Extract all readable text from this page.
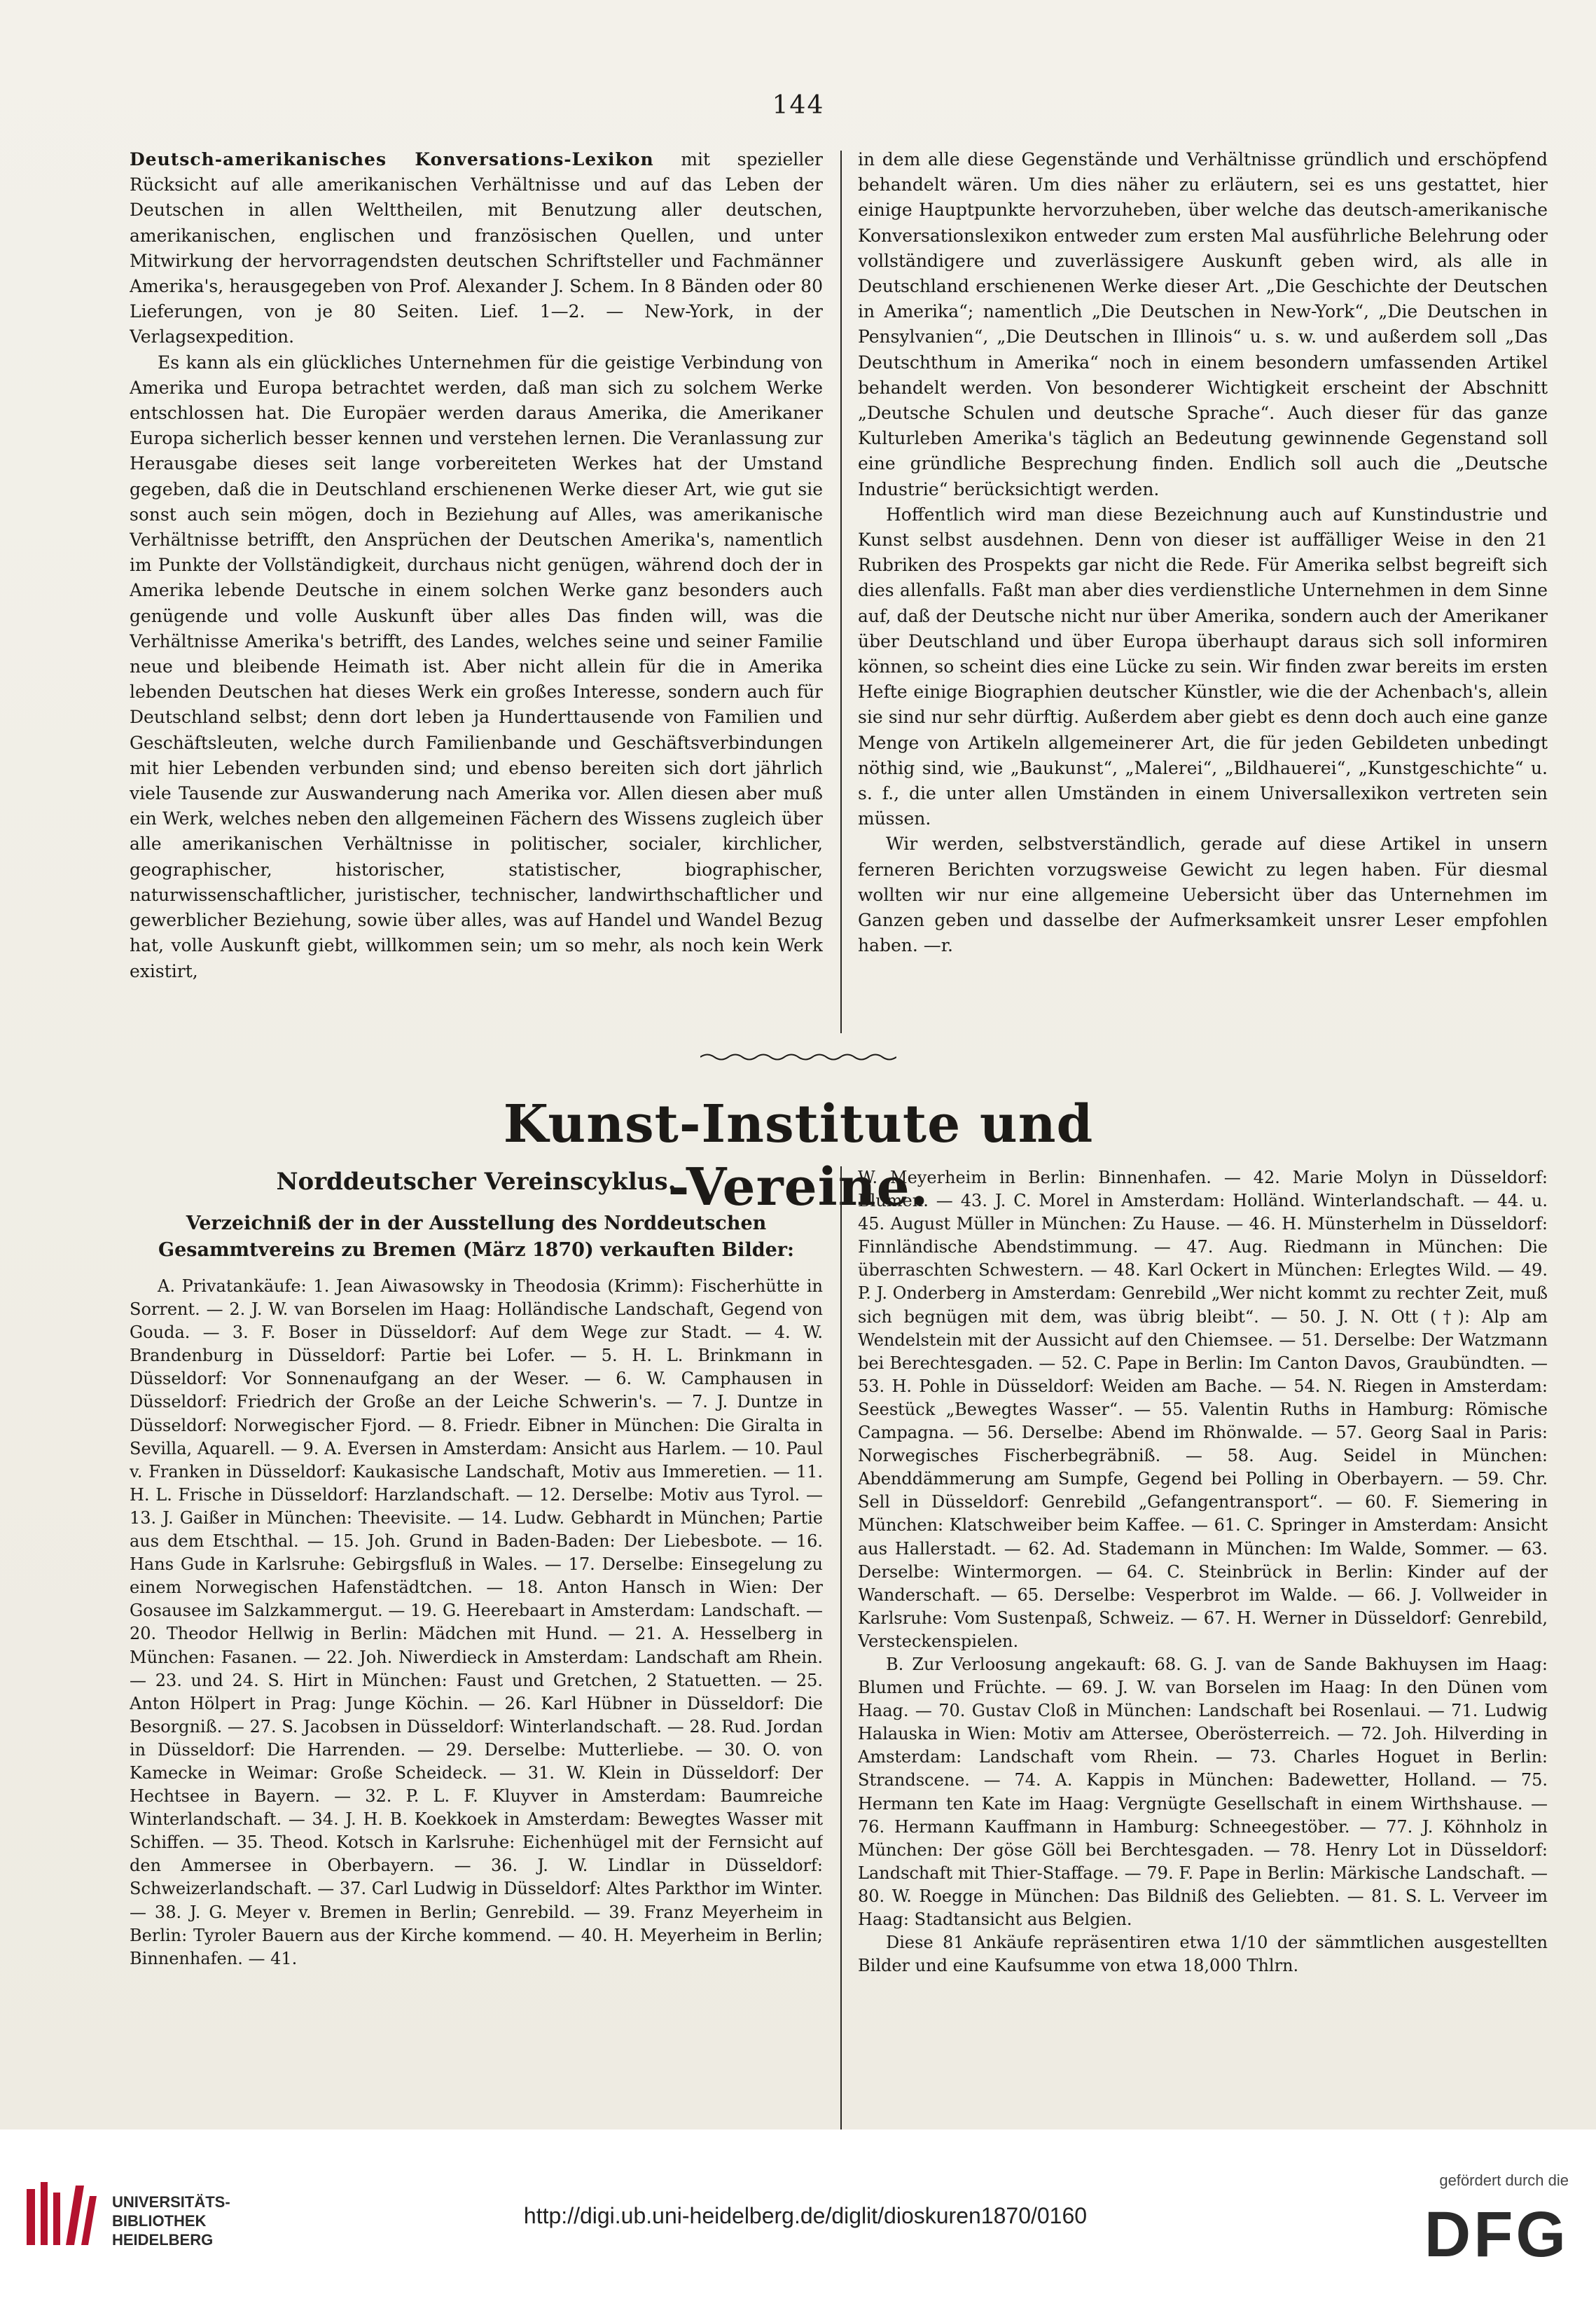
144

Deutsch-amerikanisches Konversations-Lexikon mit spezieller Rücksicht auf alle amerikanischen Verhältnisse und auf das Leben der Deutschen in allen Welttheilen, mit Benutzung aller deutschen, amerikanischen, englischen und französischen Quellen, und unter Mitwirkung der hervorragendsten deutschen Schriftsteller und Fachmänner Amerika's, herausgegeben von Prof. Alexander J. Schem. In 8 Bänden oder 80 Lieferungen, von je 80 Seiten. Lief. 1—2. — New-York, in der Verlagsexpedition.

Es kann als ein glückliches Unternehmen für die geistige Verbindung von Amerika und Europa betrachtet werden, daß man sich zu solchem Werke entschlossen hat. Die Europäer werden daraus Amerika, die Amerikaner Europa sicherlich besser kennen und verstehen lernen. Die Veranlassung zur Herausgabe dieses seit lange vorbereiteten Werkes hat der Umstand gegeben, daß die in Deutschland erschienenen Werke dieser Art, wie gut sie sonst auch sein mögen, doch in Beziehung auf Alles, was amerikanische Verhältnisse betrifft, den Ansprüchen der Deutschen Amerika's, namentlich im Punkte der Vollständigkeit, durchaus nicht genügen, während doch der in Amerika lebende Deutsche in einem solchen Werke ganz besonders auch genügende und volle Auskunft über alles Das finden will, was die Verhältnisse Amerika's betrifft, des Landes, welches seine und seiner Familie neue und bleibende Heimath ist. Aber nicht allein für die in Amerika lebenden Deutschen hat dieses Werk ein großes Interesse, sondern auch für Deutschland selbst; denn dort leben ja Hunderttausende von Familien und Geschäftsleuten, welche durch Familienbande und Geschäftsverbindungen mit hier Lebenden verbunden sind; und ebenso bereiten sich dort jährlich viele Tausende zur Auswanderung nach Amerika vor. Allen diesen aber muß ein Werk, welches neben den allgemeinen Fächern des Wissens zugleich über alle amerikanischen Verhältnisse in politischer, socialer, kirchlicher, geographischer, historischer, statistischer, biographischer, naturwissenschaftlicher, juristischer, technischer, landwirthschaftlicher und gewerblicher Beziehung, sowie über alles, was auf Handel und Wandel Bezug hat, volle Auskunft giebt, willkommen sein; um so mehr, als noch kein Werk existirt,

in dem alle diese Gegenstände und Verhältnisse gründlich und erschöpfend behandelt wären. Um dies näher zu erläutern, sei es uns gestattet, hier einige Hauptpunkte hervorzuheben, über welche das deutsch-amerikanische Konversationslexikon entweder zum ersten Mal ausführliche Belehrung oder vollständigere und zuverlässigere Auskunft geben wird, als alle in Deutschland erschienenen Werke dieser Art. „Die Geschichte der Deutschen in Amerika“; namentlich „Die Deutschen in New-York“, „Die Deutschen in Pensylvanien“, „Die Deutschen in Illinois“ u. s. w. und außerdem soll „Das Deutschthum in Amerika“ noch in einem besondern umfassenden Artikel behandelt werden. Von besonderer Wichtigkeit erscheint der Abschnitt „Deutsche Schulen und deutsche Sprache“. Auch dieser für das ganze Kulturleben Amerika's täglich an Bedeutung gewinnende Gegenstand soll eine gründliche Besprechung finden. Endlich soll auch die „Deutsche Industrie“ berücksichtigt werden.

Hoffentlich wird man diese Bezeichnung auch auf Kunstindustrie und Kunst selbst ausdehnen. Denn von dieser ist auffälliger Weise in den 21 Rubriken des Prospekts gar nicht die Rede. Für Amerika selbst begreift sich dies allenfalls. Faßt man aber dies verdienstliche Unternehmen in dem Sinne auf, daß der Deutsche nicht nur über Amerika, sondern auch der Amerikaner über Deutschland und über Europa überhaupt daraus sich soll informiren können, so scheint dies eine Lücke zu sein. Wir finden zwar bereits im ersten Hefte einige Biographien deutscher Künstler, wie die der Achenbach's, allein sie sind nur sehr dürftig. Außerdem aber giebt es denn doch auch eine ganze Menge von Artikeln allgemeinerer Art, die für jeden Gebildeten unbedingt nöthig sind, wie „Baukunst“, „Malerei“, „Bildhauerei“, „Kunstgeschichte“ u. s. f., die unter allen Umständen in einem Universallexikon vertreten sein müssen.

Wir werden, selbstverständlich, gerade auf diese Artikel in unsern ferneren Berichten vorzugsweise Gewicht zu legen haben. Für diesmal wollten wir nur eine allgemeine Uebersicht über das Unternehmen im Ganzen geben und dasselbe der Aufmerksamkeit unsrer Leser empfohlen haben. —r.

Kunst-Institute und -Vereine.
Norddeutscher Vereinscyklus.
Verzeichniß der in der Ausstellung des Norddeutschen Gesammtvereins zu Bremen (März 1870) verkauften Bilder:

A. Privatankäufe: 1. Jean Aiwasowsky in Theodosia (Krimm): Fischerhütte in Sorrent. — 2. J. W. van Borselen im Haag: Holländische Landschaft, Gegend von Gouda. — 3. F. Boser in Düsseldorf: Auf dem Wege zur Stadt. — 4. W. Brandenburg in Düsseldorf: Partie bei Lofer. — 5. H. L. Brinkmann in Düsseldorf: Vor Sonnenaufgang an der Weser. — 6. W. Camphausen in Düsseldorf: Friedrich der Große an der Leiche Schwerin's. — 7. J. Duntze in Düsseldorf: Norwegischer Fjord. — 8. Friedr. Eibner in München: Die Giralta in Sevilla, Aquarell. — 9. A. Eversen in Amsterdam: Ansicht aus Harlem. — 10. Paul v. Franken in Düsseldorf: Kaukasische Landschaft, Motiv aus Immeretien. — 11. H. L. Frische in Düsseldorf: Harzlandschaft. — 12. Derselbe: Motiv aus Tyrol. — 13. J. Gaißer in München: Theevisite. — 14. Ludw. Gebhardt in München; Partie aus dem Etschthal. — 15. Joh. Grund in Baden-Baden: Der Liebesbote. — 16. Hans Gude in Karlsruhe: Gebirgsfluß in Wales. — 17. Derselbe: Einsegelung zu einem Norwegischen Hafenstädtchen. — 18. Anton Hansch in Wien: Der Gosausee im Salzkammergut. — 19. G. Heerebaart in Amsterdam: Landschaft. — 20. Theodor Hellwig in Berlin: Mädchen mit Hund. — 21. A. Hesselberg in München: Fasanen. — 22. Joh. Niwerdieck in Amsterdam: Landschaft am Rhein. — 23. und 24. S. Hirt in München: Faust und Gretchen, 2 Statuetten. — 25. Anton Hölpert in Prag: Junge Köchin. — 26. Karl Hübner in Düsseldorf: Die Besorgniß. — 27. S. Jacobsen in Düsseldorf: Winterlandschaft. — 28. Rud. Jordan in Düsseldorf: Die Harrenden. — 29. Derselbe: Mutterliebe. — 30. O. von Kamecke in Weimar: Große Scheideck. — 31. W. Klein in Düsseldorf: Der Hechtsee in Bayern. — 32. P. L. F. Kluyver in Amsterdam: Baumreiche Winterlandschaft. — 34. J. H. B. Koekkoek in Amsterdam: Bewegtes Wasser mit Schiffen. — 35. Theod. Kotsch in Karlsruhe: Eichenhügel mit der Fernsicht auf den Ammersee in Oberbayern. — 36. J. W. Lindlar in Düsseldorf: Schweizerlandschaft. — 37. Carl Ludwig in Düsseldorf: Altes Parkthor im Winter. — 38. J. G. Meyer v. Bremen in Berlin; Genrebild. — 39. Franz Meyerheim in Berlin: Tyroler Bauern aus der Kirche kommend. — 40. H. Meyerheim in Berlin; Binnenhafen. — 41.

W. Meyerheim in Berlin: Binnenhafen. — 42. Marie Molyn in Düsseldorf: Blumen. — 43. J. C. Morel in Amsterdam: Holländ. Winterlandschaft. — 44. u. 45. August Müller in München: Zu Hause. — 46. H. Münsterhelm in Düsseldorf: Finnländische Abendstimmung. — 47. Aug. Riedmann in München: Die überraschten Schwestern. — 48. Karl Ockert in München: Erlegtes Wild. — 49. P. J. Onderberg in Amsterdam: Genrebild „Wer nicht kommt zu rechter Zeit, muß sich begnügen mit dem, was übrig bleibt“. — 50. J. N. Ott (†): Alp am Wendelstein mit der Aussicht auf den Chiemsee. — 51. Derselbe: Der Watzmann bei Berechtesgaden. — 52. C. Pape in Berlin: Im Canton Davos, Graubündten. — 53. H. Pohle in Düsseldorf: Weiden am Bache. — 54. N. Riegen in Amsterdam: Seestück „Bewegtes Wasser“. — 55. Valentin Ruths in Hamburg: Römische Campagna. — 56. Derselbe: Abend im Rhönwalde. — 57. Georg Saal in Paris: Norwegisches Fischerbegräbniß. — 58. Aug. Seidel in München: Abenddämmerung am Sumpfe, Gegend bei Polling in Oberbayern. — 59. Chr. Sell in Düsseldorf: Genrebild „Gefangentransport“. — 60. F. Siemering in München: Klatschweiber beim Kaffee. — 61. C. Springer in Amsterdam: Ansicht aus Hallerstadt. — 62. Ad. Stademann in München: Im Walde, Sommer. — 63. Derselbe: Wintermorgen. — 64. C. Steinbrück in Berlin: Kinder auf der Wanderschaft. — 65. Derselbe: Vesperbrot im Walde. — 66. J. Vollweider in Karlsruhe: Vom Sustenpaß, Schweiz. — 67. H. Werner in Düsseldorf: Genrebild, Versteckenspielen.

B. Zur Verloosung angekauft: 68. G. J. van de Sande Bakhuysen im Haag: Blumen und Früchte. — 69. J. W. van Borselen im Haag: In den Dünen vom Haag. — 70. Gustav Cloß in München: Landschaft bei Rosenlaui. — 71. Ludwig Halauska in Wien: Motiv am Attersee, Oberösterreich. — 72. Joh. Hilverding in Amsterdam: Landschaft vom Rhein. — 73. Charles Hoguet in Berlin: Strandscene. — 74. A. Kappis in München: Badewetter, Holland. — 75. Hermann ten Kate im Haag: Vergnügte Gesellschaft in einem Wirthshause. — 76. Hermann Kauffmann in Hamburg: Schneegestöber. — 77. J. Köhnholz in München: Der göse Göll bei Berchtesgaden. — 78. Henry Lot in Düsseldorf: Landschaft mit Thier-Staffage. — 79. F. Pape in Berlin: Märkische Landschaft. — 80. W. Roegge in München: Das Bildniß des Geliebten. — 81. S. L. Verveer im Haag: Stadtansicht aus Belgien.

Diese 81 Ankäufe repräsentiren etwa 1/10 der sämmtlichen ausgestellten Bilder und eine Kaufsumme von etwa 18,000 Thlrn.

UNIVERSITÄTS-
BIBLIOTHEK
HEIDELBERG
http://digi.ub.uni-heidelberg.de/diglit/dioskuren1870/0160
gefördert durch die
DFG
